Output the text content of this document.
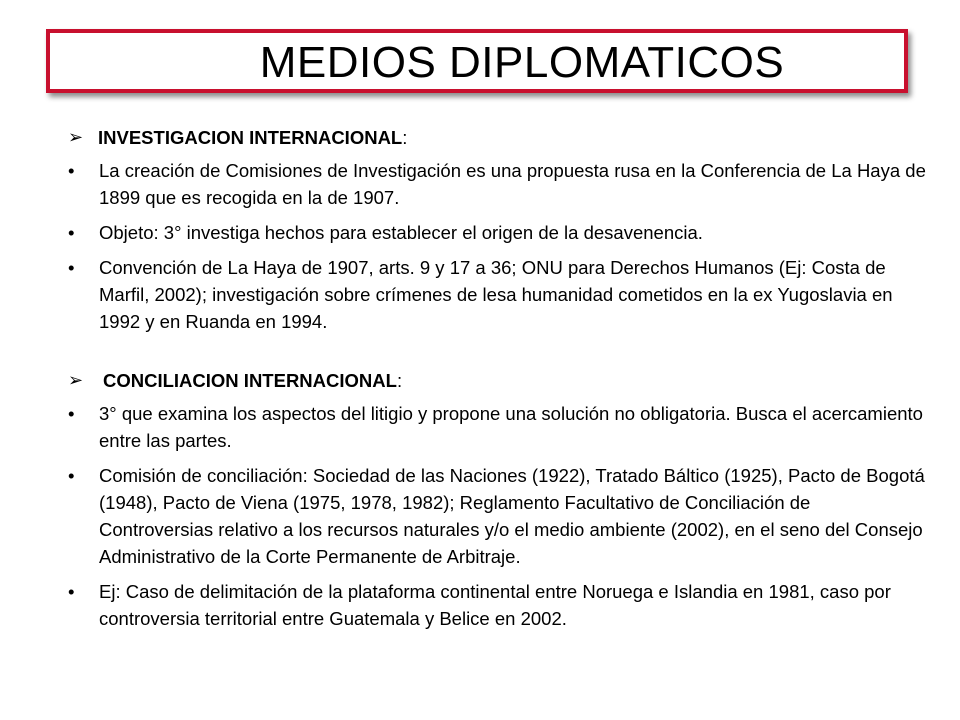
MEDIOS DIPLOMATICOS
➢ INVESTIGACION INTERNACIONAL :
•	La creación de Comisiones de Investigación es una propuesta rusa en la Conferencia de La Haya de 1899 que es recogida en la de 1907.
•	Objeto: 3° investiga hechos para establecer el origen de la desavenencia.
•	Convención de La Haya de 1907, arts. 9 y 17 a 36; ONU para Derechos Humanos (Ej: Costa de Marfil, 2002); investigación sobre crímenes de lesa humanidad cometidos en la ex Yugoslavia en 1992 y en Ruanda en 1994.
➢	CONCILIACION INTERNACIONAL :
•	3° que examina los aspectos del litigio y propone una solución no obligatoria. Busca el acercamiento entre las partes.
•	Comisión de conciliación: Sociedad de las Naciones (1922), Tratado Báltico (1925), Pacto de Bogotá (1948), Pacto de Viena (1975, 1978, 1982); Reglamento Facultativo de Conciliación de Controversias relativo a los recursos naturales y/o el medio ambiente (2002), en el seno del Consejo Administrativo de la Corte Permanente de Arbitraje.
•	Ej: Caso de delimitación de la plataforma continental entre Noruega e Islandia en 1981, caso por controversia territorial entre Guatemala y Belice en 2002.
